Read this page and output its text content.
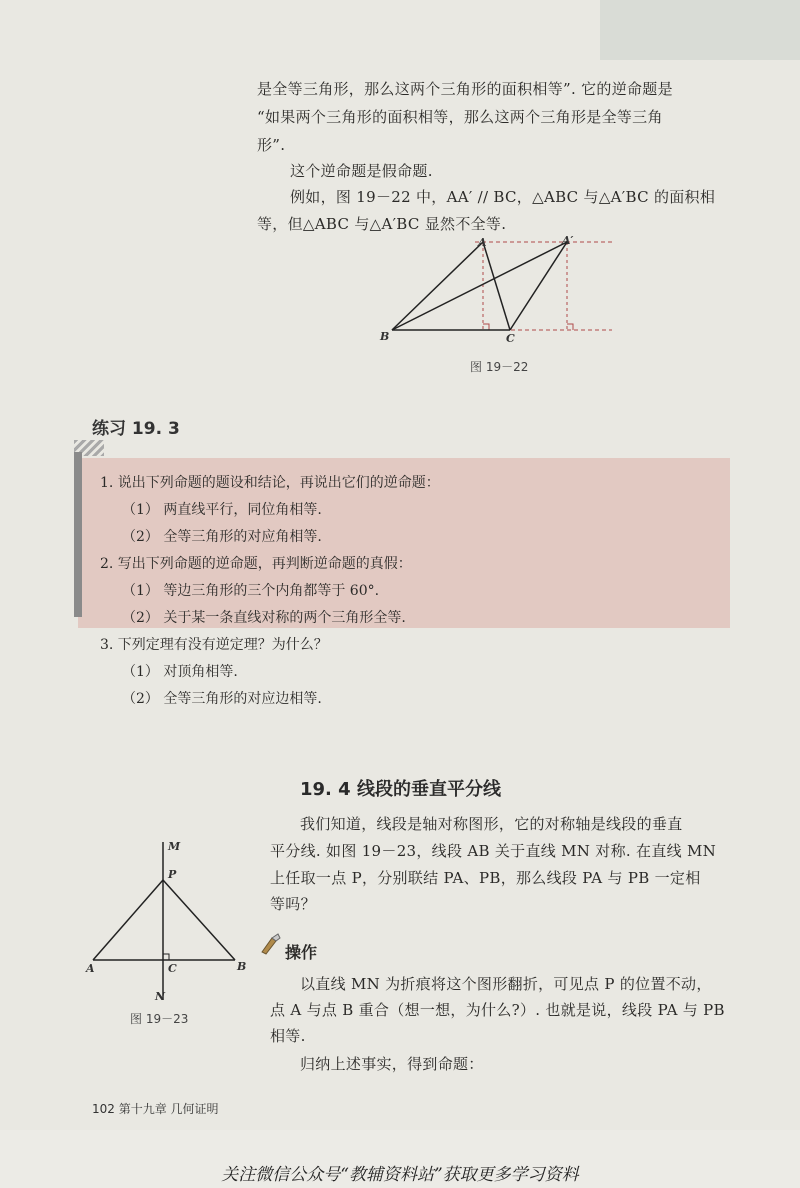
是全等三角形，那么这两个三角形的面积相等”. 它的逆命题是
“如果两个三角形的面积相等，那么这两个三角形是全等三角
形”.
这个逆命题是假命题.
例如，图 19－22 中，AA′ // BC，△ABC 与△A′BC 的面积相
等，但△ABC 与△A′BC 显然不全等.
A	A′
B	C
图 19－22
练习 19. 3
1. 说出下列命题的题设和结论，再说出它们的逆命题：
（1） 两直线平行，同位角相等.
（2） 全等三角形的对应角相等.
2. 写出下列命题的逆命题，再判断逆命题的真假：
（1） 等边三角形的三个内角都等于 60°.
（2） 关于某一条直线对称的两个三角形全等.
3. 下列定理有没有逆定理？为什么？
（1） 对顶角相等.
（2） 全等三角形的对应边相等.
19. 4 线段的垂直平分线
我们知道，线段是轴对称图形，它的对称轴是线段的垂直
平分线. 如图 19－23，线段 AB 关于直线 MN 对称. 在直线 MN
上任取一点 P，分别联结 PA、PB，那么线段 PA 与 PB 一定相
等吗？
M
P
A	C	B
N
图 19－23
操作
以直线 MN 为折痕将这个图形翻折，可见点 P 的位置不动，
点 A 与点 B 重合（想一想，为什么?）. 也就是说，线段 PA 与 PB
相等.
归纳上述事实，得到命题：
102 第十九章 几何证明
关注微信公众号“教辅资料站”获取更多学习资料
